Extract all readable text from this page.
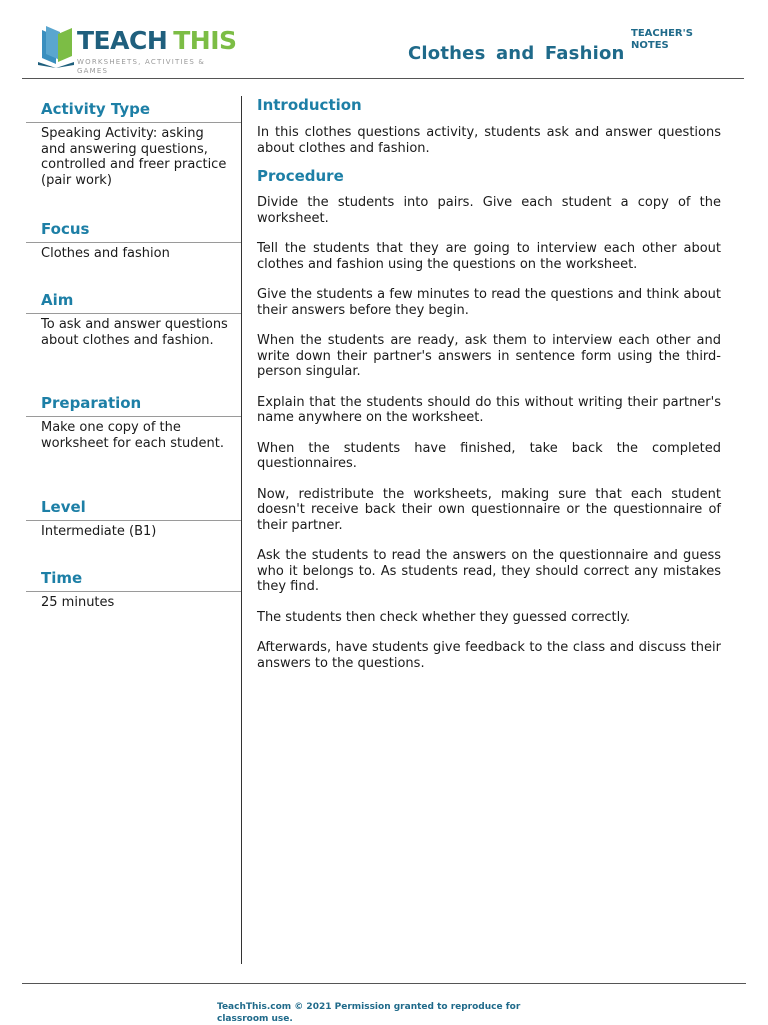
TEACH THIS
WORKSHEETS, ACTIVITIES & GAMES
Clothes and Fashion
TEACHER'S NOTES
Activity Type
Speaking Activity: asking and answering questions, controlled and freer practice (pair work)
Focus
Clothes and fashion
Aim
To ask and answer questions about clothes and fashion.
Preparation
Make one copy of the worksheet for each student.
Level
Intermediate (B1)
Time
25 minutes
Introduction
In this clothes questions activity, students ask and answer questions about clothes and fashion.
Procedure
Divide the students into pairs. Give each student a copy of the worksheet.
Tell the students that they are going to interview each other about clothes and fashion using the questions on the worksheet.
Give the students a few minutes to read the questions and think about their answers before they begin.
When the students are ready, ask them to interview each other and write down their partner's answers in sentence form using the third-person singular.
Explain that the students should do this without writing their partner's name anywhere on the worksheet.
When the students have finished, take back the completed questionnaires.
Now, redistribute the worksheets, making sure that each student doesn't receive back their own questionnaire or the questionnaire of their partner.
Ask the students to read the answers on the questionnaire and guess who it belongs to. As students read, they should correct any mistakes they find.
The students then check whether they guessed correctly.
Afterwards, have students give feedback to the class and discuss their answers to the questions.
TeachThis.com © 2021 Permission granted to reproduce for classroom use.
